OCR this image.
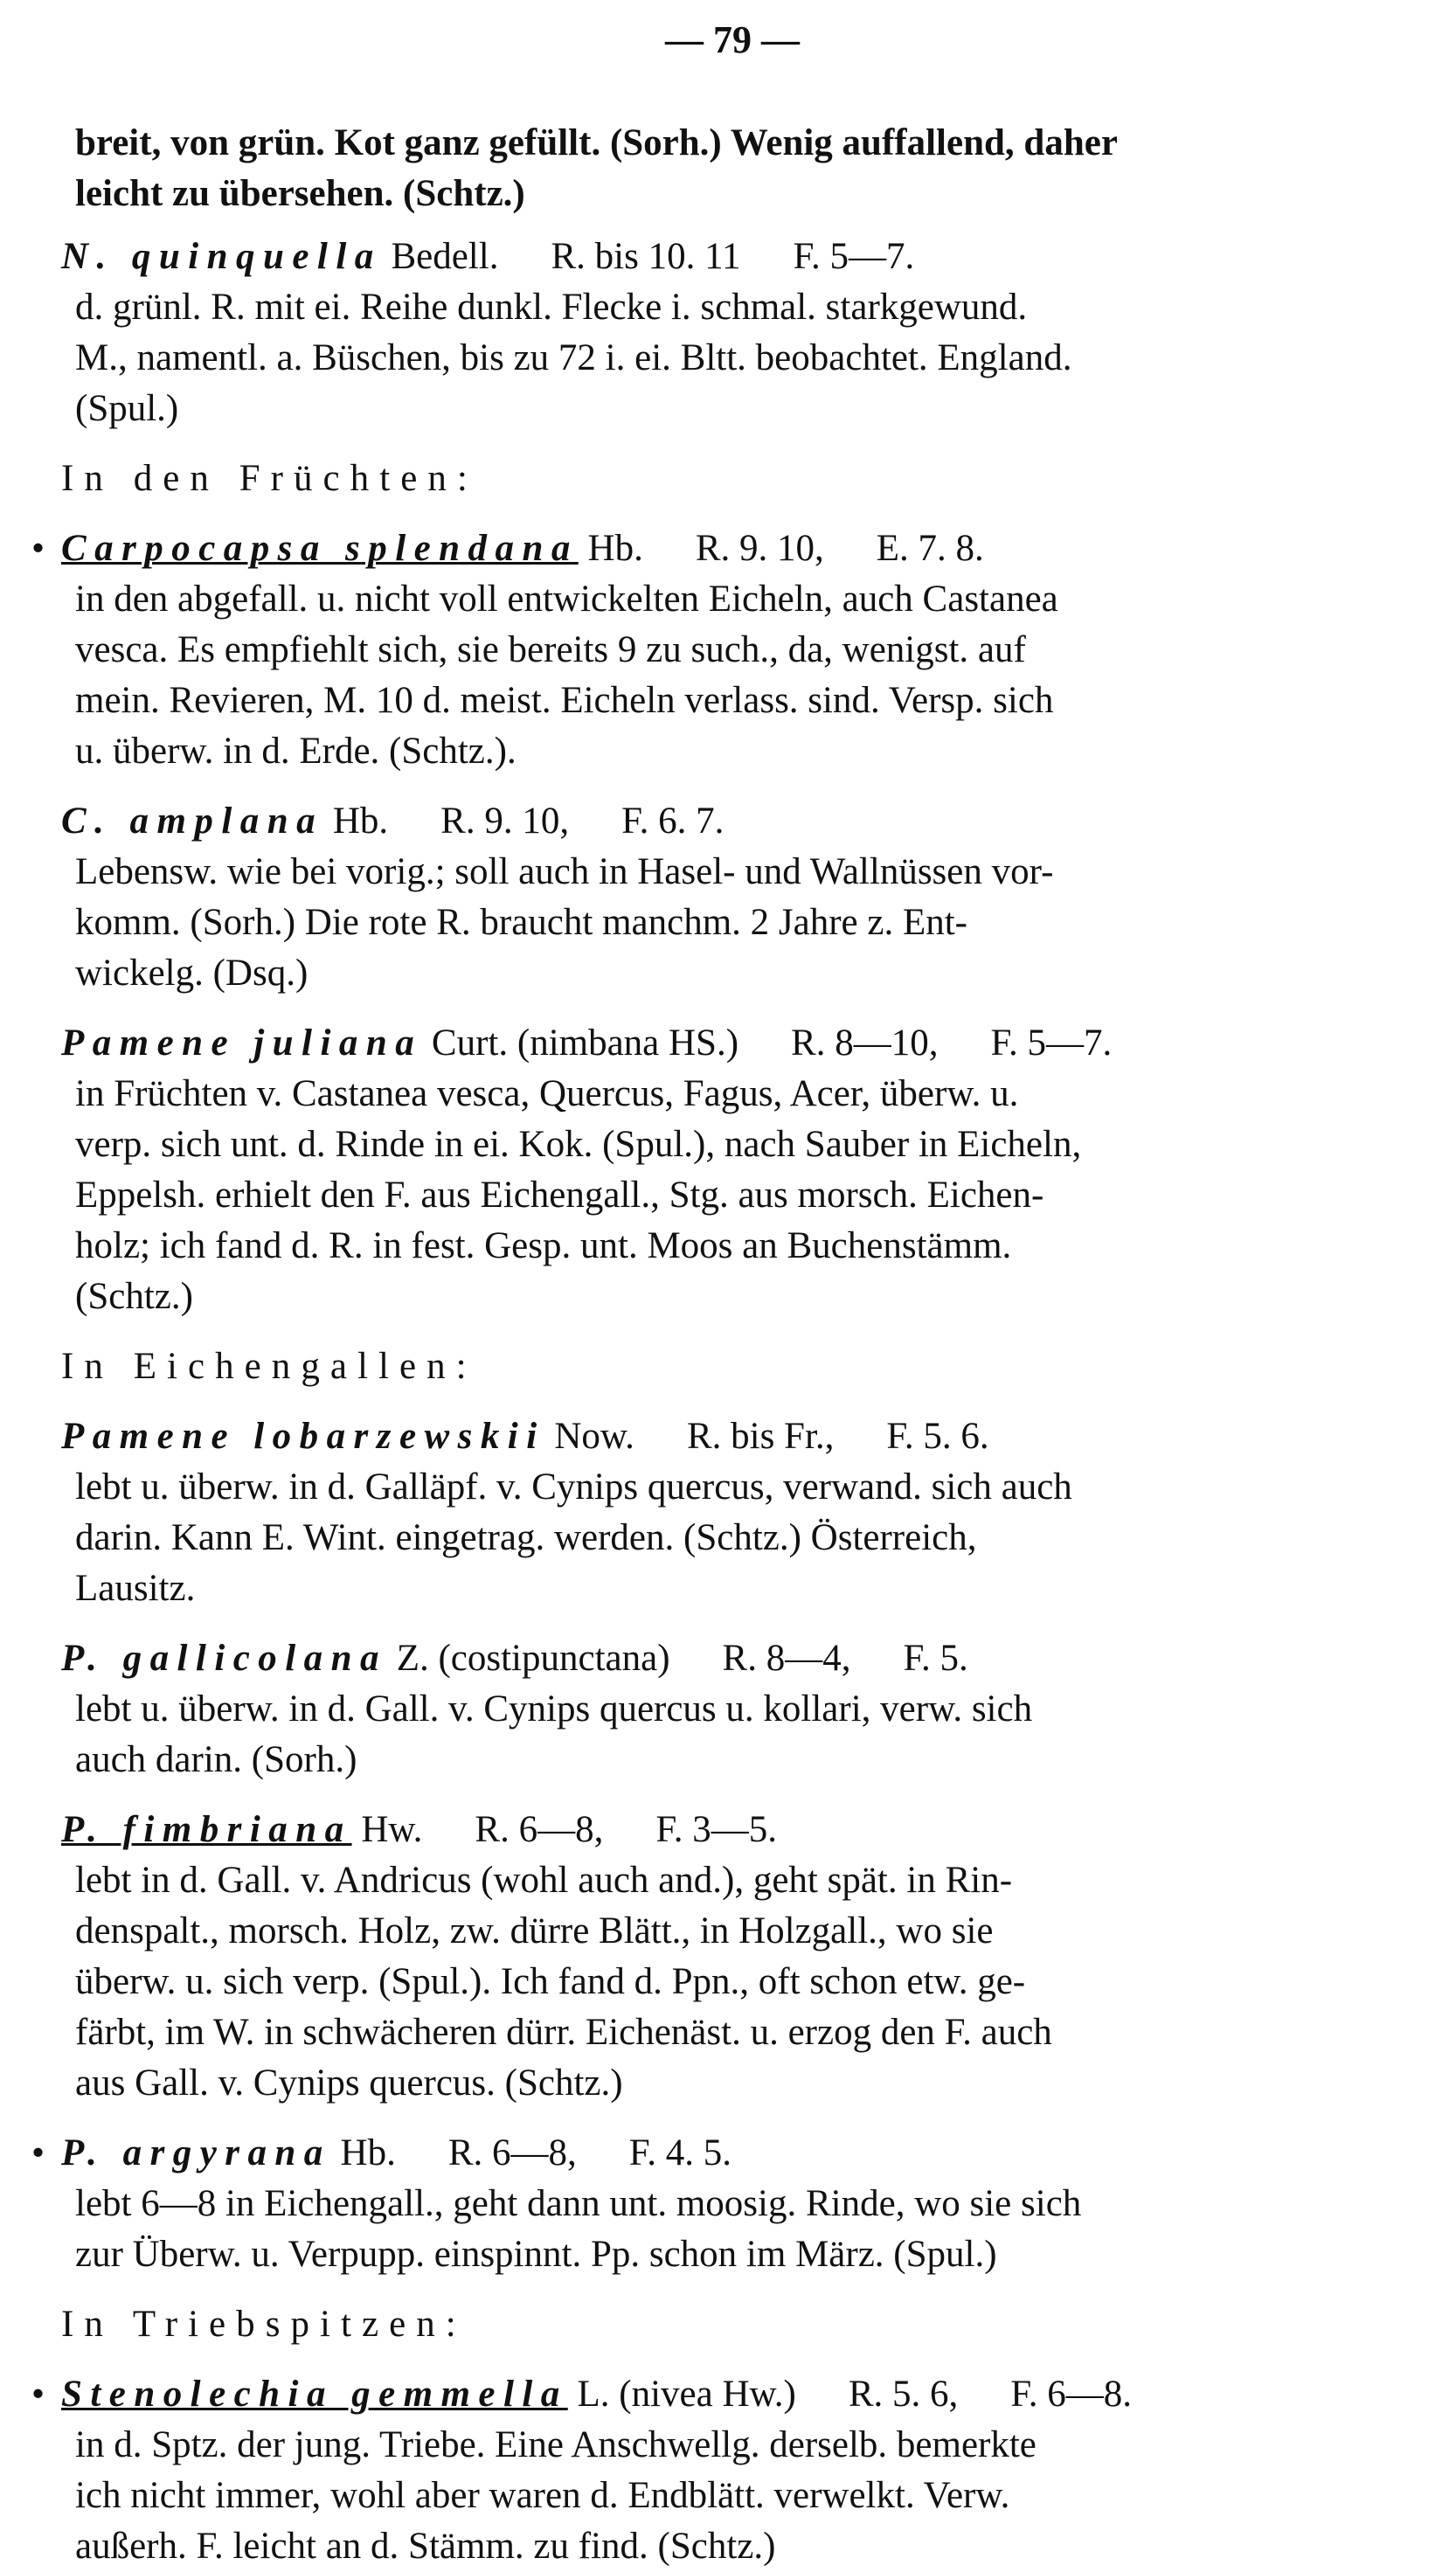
— 79 —
breit, von grün. Kot ganz gefüllt. (Sorh.) Wenig auffallend, daher
leicht zu übersehen. (Schtz.)
N. quinquella Bedell. R. bis 10. 11 F. 5—7.
d. grünl. R. mit ei. Reihe dunkl. Flecke i. schmal. starkgewund.
M., namentl. a. Büschen, bis zu 72 i. ei. Bltt. beobachtet. England.
(Spul.)
In den Früchten:
• Carpocapsa splendana Hb. R. 9. 10, E. 7. 8.
in den abgefall. u. nicht voll entwickelten Eicheln, auch Castanea
vesca. Es empfiehlt sich, sie bereits 9 zu such., da, wenigst. auf
mein. Revieren, M. 10 d. meist. Eicheln verlass. sind. Versp. sich
u. überw. in d. Erde. (Schtz.).
C. amplana Hb. R. 9. 10, F. 6. 7.
Lebensw. wie bei vorig.; soll auch in Hasel- und Wallnüssen vor-
komm. (Sorh.) Die rote R. braucht manchm. 2 Jahre z. Ent-
wickelg. (Dsq.)
Pamene juliana Curt. (nimbana HS.) R. 8—10, F. 5—7.
in Früchten v. Castanea vesca, Quercus, Fagus, Acer, überw. u.
verp. sich unt. d. Rinde in ei. Kok. (Spul.), nach Sauber in Eicheln,
Eppelsh. erhielt den F. aus Eichengall., Stg. aus morsch. Eichen-
holz; ich fand d. R. in fest. Gesp. unt. Moos an Buchenstämm.
(Schtz.)
In Eichengallen:
Pamene lobarzewskii Now. R. bis Fr., F. 5. 6.
lebt u. überw. in d. Galläpf. v. Cynips quercus, verwand. sich auch
darin. Kann E. Wint. eingetrag. werden. (Schtz.) Österreich,
Lausitz.
P. gallicolana Z. (costipunctana) R. 8—4, F. 5.
lebt u. überw. in d. Gall. v. Cynips quercus u. kollari, verw. sich
auch darin. (Sorh.)
P. fimbriana Hw. R. 6—8, F. 3—5.
lebt in d. Gall. v. Andricus (wohl auch and.), geht spät. in Rin-
denspalt., morsch. Holz, zw. dürre Blätt., in Holzgall., wo sie
überw. u. sich verp. (Spul.). Ich fand d. Ppn., oft schon etw. ge-
färbt, im W. in schwächeren dürr. Eichenäst. u. erzog den F. auch
aus Gall. v. Cynips quercus. (Schtz.)
• P. argyrana Hb. R. 6—8, F. 4. 5.
lebt 6—8 in Eichengall., geht dann unt. moosig. Rinde, wo sie sich
zur Überw. u. Verpupp. einspinnt. Pp. schon im März. (Spul.)
In Triebspitzen:
• Stenolechia gemmella L. (nivea Hw.) R. 5. 6, F. 6—8.
in d. Sptz. der jung. Triebe. Eine Anschwellg. derselb. bemerkte
ich nicht immer, wohl aber waren d. Endblätt. verwelkt. Verw.
außerh. F. leicht an d. Stämm. zu find. (Schtz.)
